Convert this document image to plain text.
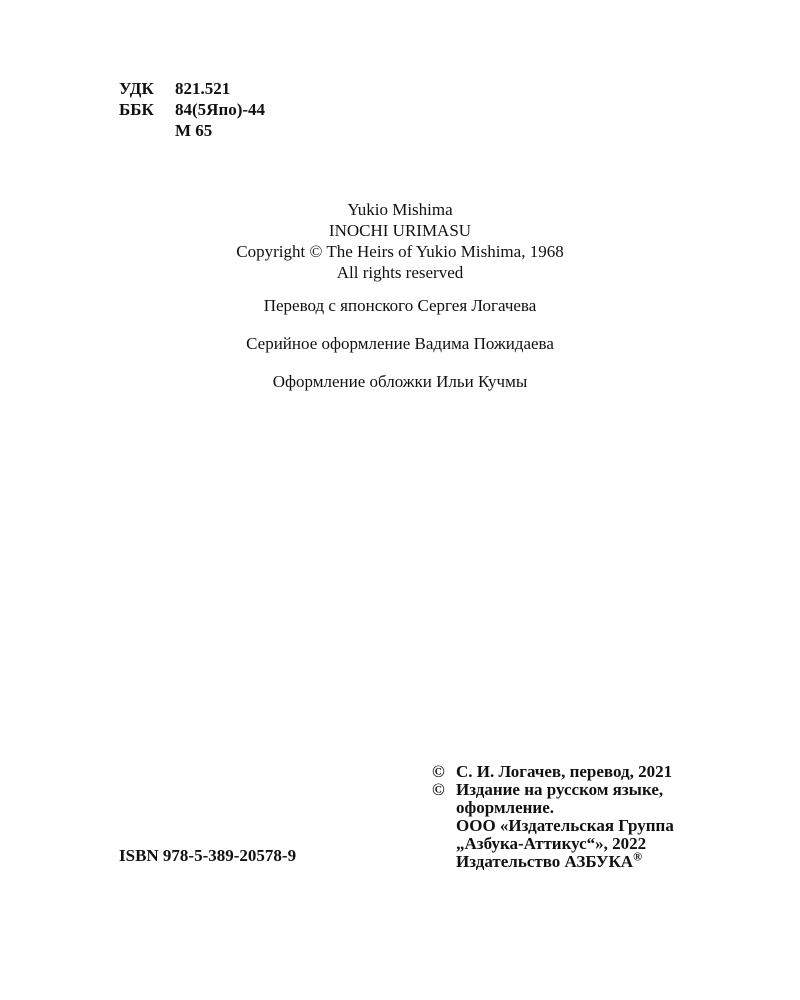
УДК	821.521
ББК	84(5Япо)-44
М 65
Yukio Mishima
INOCHI URIMASU
Copyright © The Heirs of Yukio Mishima, 1968
All rights reserved
Перевод с японского Сергея Логачева
Серийное оформление Вадима Пожидаева
Оформление обложки Ильи Кучмы
ISBN 978-5-389-20578-9
© С. И. Логачев, перевод, 2021
© Издание на русском языке,
оформление.
ООО «Издательская Группа
„Азбука-Аттикус“», 2022
Издательство АЗБУКА®
